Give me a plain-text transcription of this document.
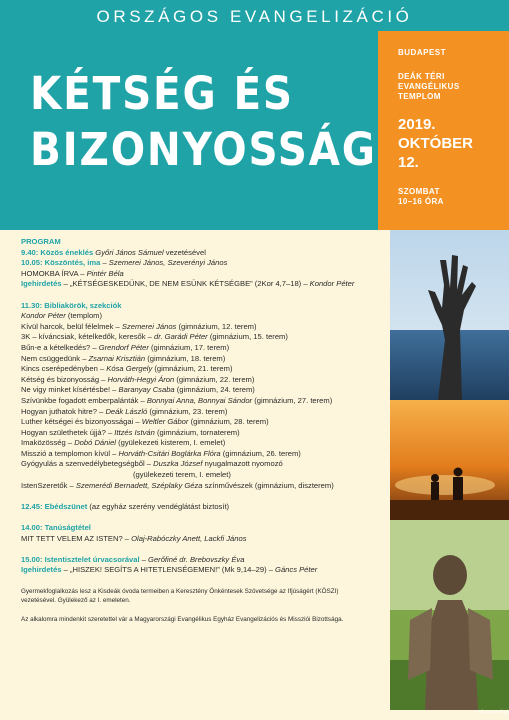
ORSZÁGOS EVANGELIZÁCIÓ
KÉTSÉG ÉS
BIZONYOSSÁG
BUDAPEST
DEÁK TÉRI
EVANGÉLIKUS
TEMPLOM
2019.
OKTÓBER
12.
SZOMBAT
10–16 ÓRA
PROGRAM
9.40: Közös éneklés Győri János Sámuel vezetésével
10.05: Köszöntés, ima – Szemerei János, Szeverényi János
HOMOKBA ÍRVA – Pintér Béla
Igehirdetés – „KÉTSÉGESKEDÜNK, DE NEM ESÜNK KÉTSÉGBE” (2Kor 4,7–18) – Kondor Péter
11.30: Bibliakörök, szekciók
Kondor Péter (templom)
Kívül harcok, belül félelmek – Szemerei János (gimnázium, 12. terem)
3K – kíváncsiak, kételkedők, keresők – dr. Garádi Péter (gimnázium, 15. terem)
Bűn-e a kételkedés? – Grendorf Péter (gimnázium, 17. terem)
Nem csüggedünk – Zsarnai Krisztián (gimnázium, 18. terem)
Kincs cserépedényben – Kósa Gergely (gimnázium, 21. terem)
Kétség és bizonyosság – Horváth-Hegyi Áron (gimnázium, 22. terem)
Ne vigy minket kísértésbe! – Baranyay Csaba (gimnázium, 24. terem)
Szívünkbe fogadott emberpalánták – Bonnyai Anna, Bonnyai Sándor (gimnázium, 27. terem)
Hogyan juthatok hitre? – Deák László (gimnázium, 23. terem)
Luther kétségei és bizonyosságai – Weltler Gábor (gimnázium, 28. terem)
Hogyan születhetek újjá? – Ittzés István (gimnázium, tornaterem)
Imaközösség – Dobó Dániel (gyülekezeti kisterem, I. emelet)
Misszió a templomon kívül – Horváth-Csitári Boglárka Flóra (gimnázium, 26. terem)
Gyógyulás a szenvedélybetegségből – Duszka József nyugalmazott nyomozó
(gyülekezeti terem, I. emelet)
IstenSzeretők – Szemerédi Bernadett, Széplaky Géza színművészek (gimnázium, diszterem)
12.45: Ebédszünet (az egyház szerény vendéglátást biztosít)
14.00: Tanúságtétel
MIT TETT VELEM AZ ISTEN? – Olaj-Rabóczky Anett, Lackfi János
15.00: Istentisztelet úrvacsorával – Gerőfiné dr. Brebovszky Éva
Igehirdetés – „HISZEK! SEGÍTS A HITETLENSÉGEMEN!” (Mk 9,14–29) – Gáncs Péter
Gyermekfoglalkozás lesz a Kisdeák óvoda termeiben a Keresztény Önkéntesek Szövetsége az Ifjúságért (KÖSZI) vezetésével. Gyülekező az I. emeleten.
Az alkalomra mindenkit szeretettel vár a Magyarországi Evangélikus Egyház Evangelizációs és Missziói Bizottsága.
Fotó: Szeverényi
